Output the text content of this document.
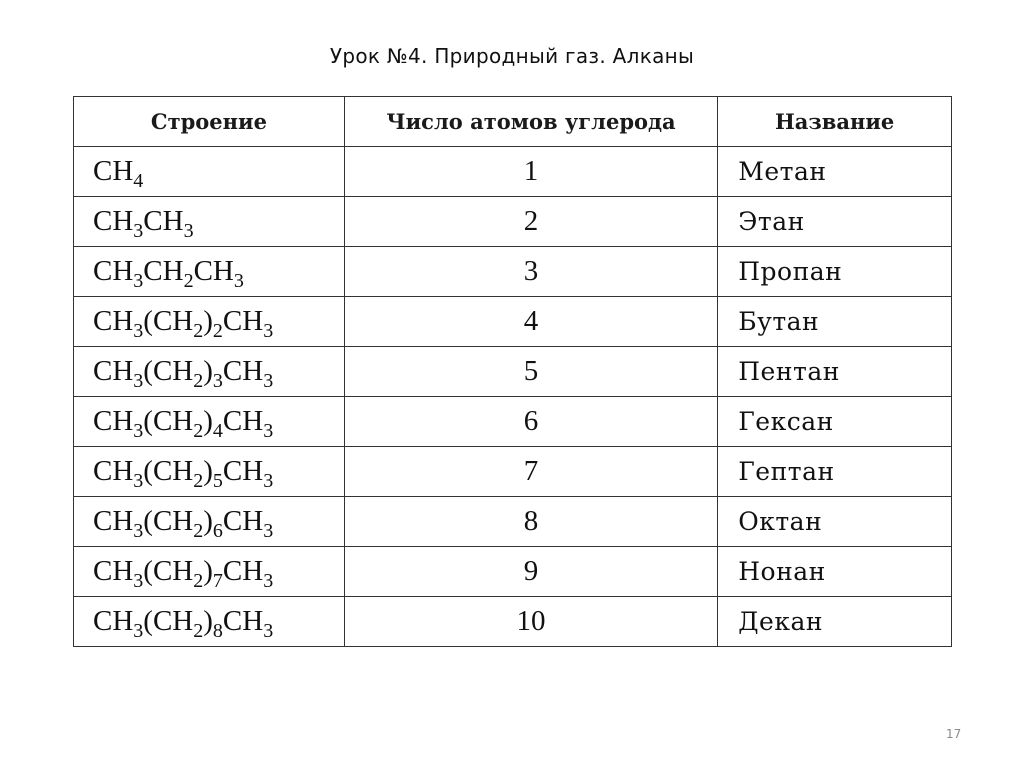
Урок №4. Природный газ. Алканы
Строение	Число атомов углерода	Название
$CH_4$	1	Метан
$CH_3CH_3$	2	Этан
$CH_3CH_2CH_3$	3	Пропан
$CH_3(CH_2)_2CH_3$	4	Бутан
$CH_3(CH_2)_3CH_3$	5	Пентан
$CH_3(CH_2)_4CH_3$	6	Гексан
$CH_3(CH_2)_5CH_3$	7	Гептан
$CH_3(CH_2)_6CH_3$	8	Октан
$CH_3(CH_2)_7CH_3$	9	Нонан
$CH_3(CH_2)_8CH_3$	10	Декан
17
